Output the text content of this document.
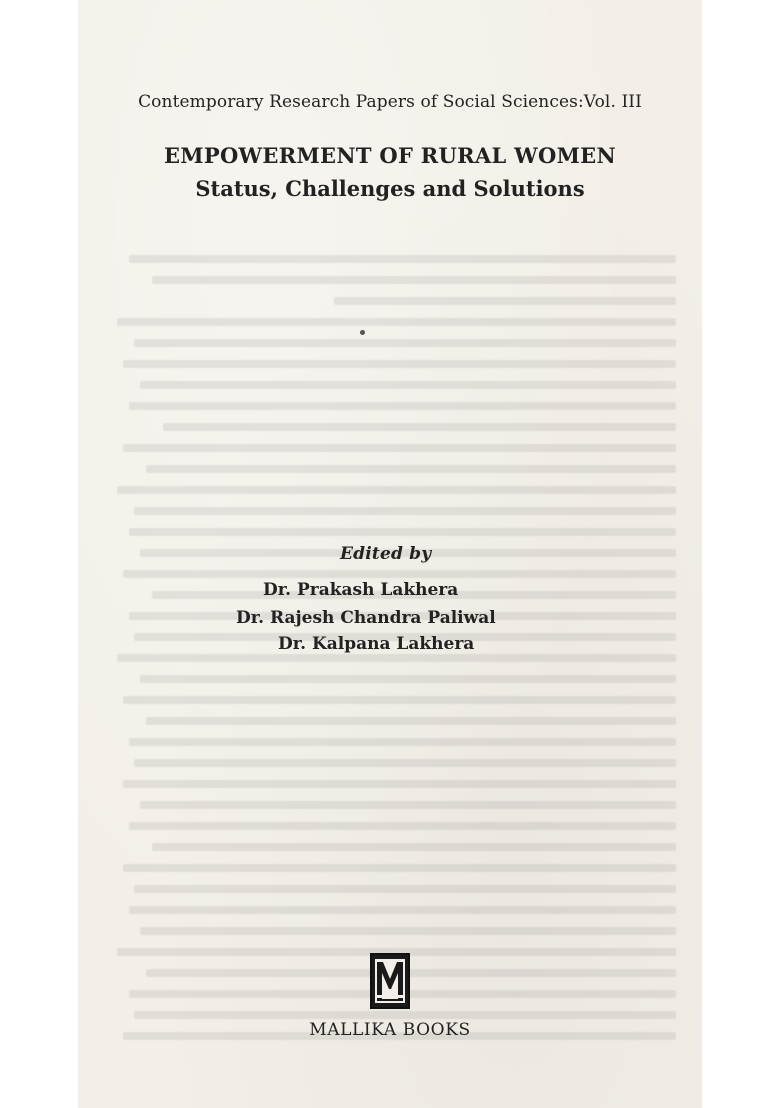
Contemporary Research Papers of Social Sciences:Vol. III
EMPOWERMENT OF RURAL WOMEN
Status, Challenges and Solutions
Edited by
Dr. Prakash Lakhera
Dr. Rajesh Chandra Paliwal
Dr. Kalpana Lakhera
MALLIKA BOOKS
